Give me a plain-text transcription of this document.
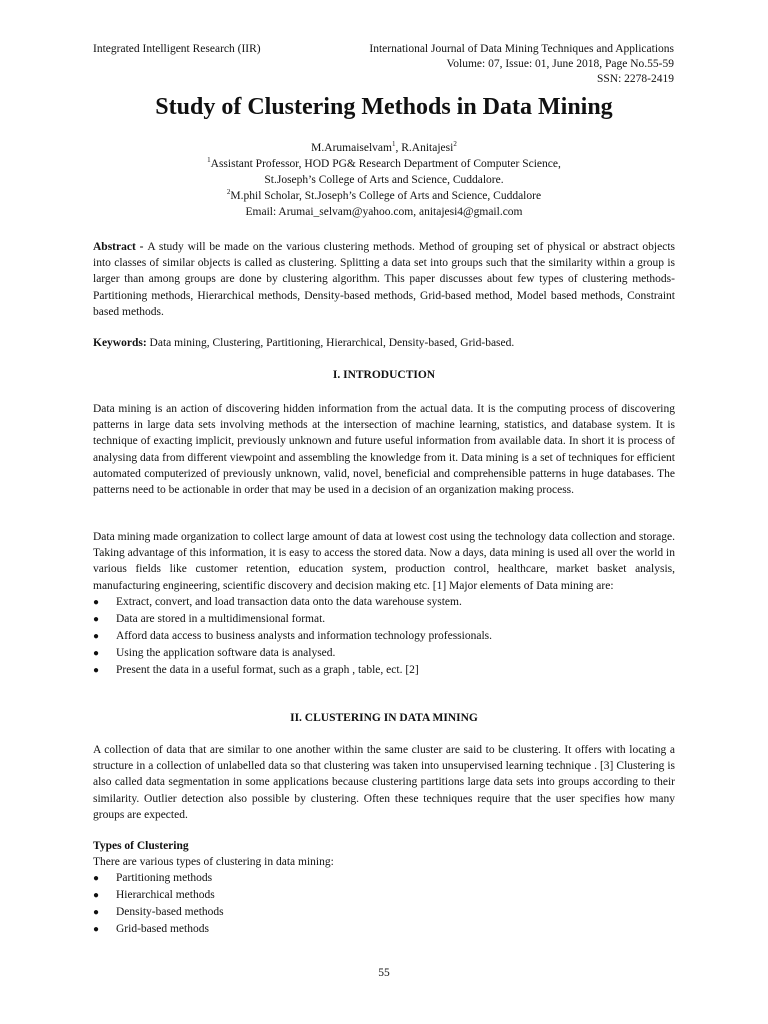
Integrated Intelligent Research (IIR)	International Journal of Data Mining Techniques and Applications
Volume: 07, Issue: 01, June 2018, Page No.55-59
SSN: 2278-2419
Study of Clustering Methods in Data Mining
M.Arumaiselvam$^1$, R.Anitajesi$^2$
$^1$Assistant Professor, HOD PG& Research Department of Computer Science,
St.Joseph’s College of Arts and Science, Cuddalore.
$^2$M.phil Scholar, St.Joseph’s College of Arts and Science, Cuddalore
Email: Arumai_selvam@yahoo.com, anitajesi4@gmail.com

Abstract - A study will be made on the various clustering methods. Method of grouping set of physical or abstract objects into classes of similar objects is called as clustering. Splitting a data set into groups such that the similarity within a group is larger than among groups are done by clustering algorithm. This paper discusses about few types of clustering methods- Partitioning methods, Hierarchical methods, Density-based methods, Grid-based method, Model based methods, Constraint based methods.

Keywords: Data mining, Clustering, Partitioning, Hierarchical, Density-based, Grid-based.

I. INTRODUCTION

Data mining is an action of discovering hidden information from the actual data. It is the computing process of discovering patterns in large data sets involving methods at the intersection of machine learning, statistics, and database system. It is technique of exacting implicit, previously unknown and future useful information from available data. In short it is process of analysing data from different viewpoint and assembling the knowledge from it. Data mining is a set of techniques for efficient automated computerized of previously unknown, valid, novel, beneficial and comprehensible patterns in huge databases. The patterns need to be actionable in order that may be used in a decision of an organization making process.

Data mining made organization to collect large amount of data at lowest cost using the technology data collection and storage. Taking advantage of this information, it is easy to access the stored data. Now a days, data mining is used all over the world in various fields like customer retention, education system, production control, healthcare, market basket analysis, manufacturing engineering, scientific discovery and decision making etc. [1] Major elements of Data mining are:

● Extract, convert, and load transaction data onto the data warehouse system.
● Data are stored in a multidimensional format.
● Afford data access to business analysts and information technology professionals.
● Using the application software data is analysed.
● Present the data in a useful format, such as a graph , table, ect. [2]
II. CLUSTERING IN DATA MINING

A collection of data that are similar to one another within the same cluster are said to be clustering. It offers with locating a structure in a collection of unlabelled data so that clustering was taken into unsupervised learning technique . [3] Clustering is also called data segmentation in some applications because clustering partitions large data sets into groups according to their similarity. Outlier detection also possible by clustering. Often these techniques require that the user specifies how many groups are expected.

Types of Clustering

There are various types of clustering in data mining:

● Partitioning methods
● Hierarchical methods
● Density-based methods
● Grid-based methods
55
